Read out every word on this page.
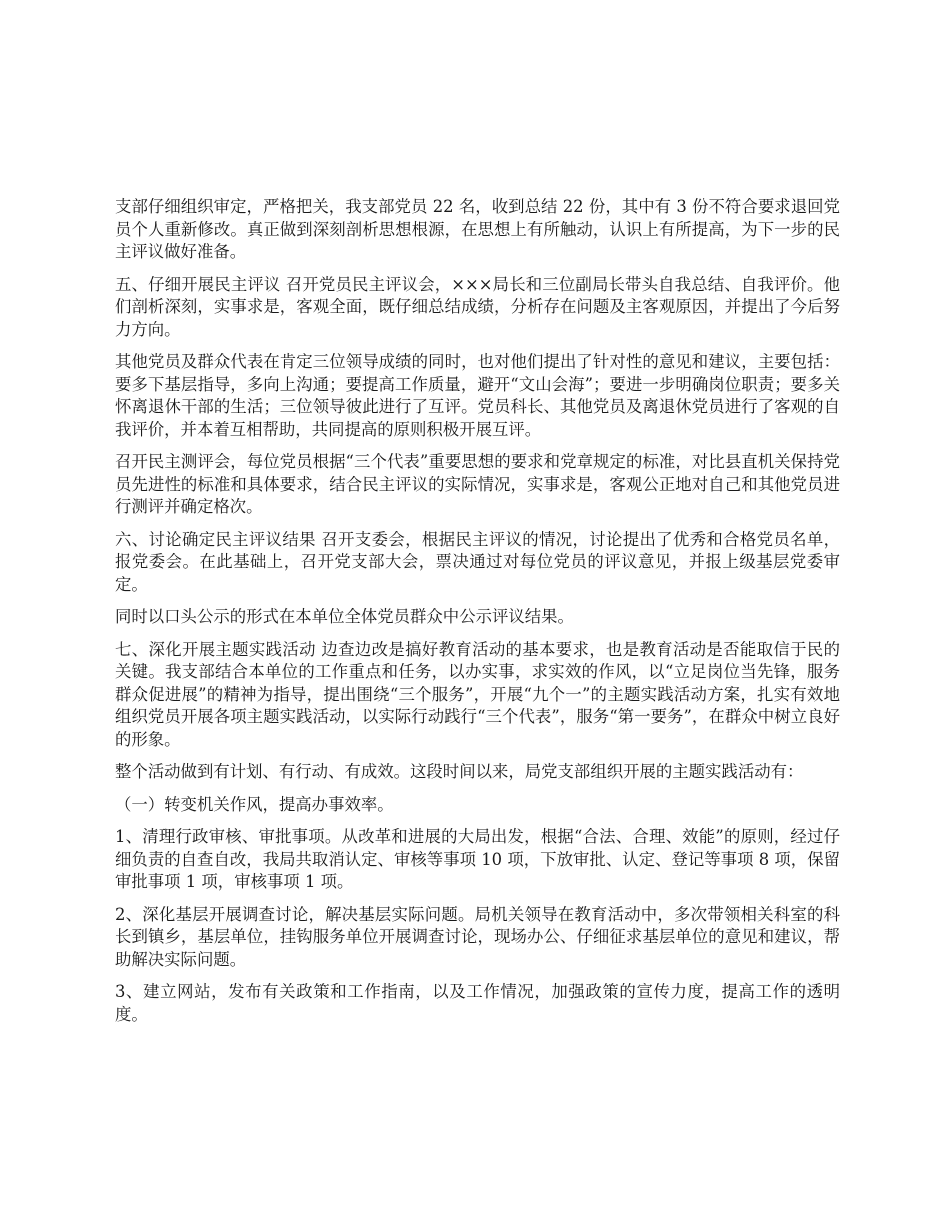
支部仔细组织审定，严格把关，我支部党员 22 名，收到总结 22 份，其中有 3 份不符合要求退回党员个人重新修改。真正做到深刻剖析思想根源，在思想上有所触动，认识上有所提高，为下一步的民主评议做好准备。

五、仔细开展民主评议 召开党员民主评议会，×××局长和三位副局长带头自我总结、自我评价。他们剖析深刻，实事求是，客观全面，既仔细总结成绩，分析存在问题及主客观原因，并提出了今后努力方向。

其他党员及群众代表在肯定三位领导成绩的同时，也对他们提出了针对性的意见和建议，主要包括：要多下基层指导，多向上沟通；要提高工作质量，避开“文山会海”；要进一步明确岗位职责；要多关怀离退休干部的生活；三位领导彼此进行了互评。党员科长、其他党员及离退休党员进行了客观的自我评价，并本着互相帮助，共同提高的原则积极开展互评。

召开民主测评会，每位党员根据“三个代表”重要思想的要求和党章规定的标准，对比县直机关保持党员先进性的标准和具体要求，结合民主评议的实际情况，实事求是，客观公正地对自己和其他党员进行测评并确定格次。

六、讨论确定民主评议结果 召开支委会，根据民主评议的情况，讨论提出了优秀和合格党员名单，报党委会。在此基础上，召开党支部大会，票决通过对每位党员的评议意见，并报上级基层党委审定。

同时以口头公示的形式在本单位全体党员群众中公示评议结果。

七、深化开展主题实践活动 边查边改是搞好教育活动的基本要求，也是教育活动是否能取信于民的关键。我支部结合本单位的工作重点和任务，以办实事，求实效的作风，以“立足岗位当先锋，服务群众促进展”的精神为指导，提出围绕“三个服务”，开展“九个一”的主题实践活动方案，扎实有效地组织党员开展各项主题实践活动，以实际行动践行“三个代表”，服务“第一要务”，在群众中树立良好的形象。

整个活动做到有计划、有行动、有成效。这段时间以来，局党支部组织开展的主题实践活动有：

（一）转变机关作风，提高办事效率。

1、清理行政审核、审批事项。从改革和进展的大局出发，根据“合法、合理、效能”的原则，经过仔细负责的自查自改，我局共取消认定、审核等事项 10 项，下放审批、认定、登记等事项 8 项，保留审批事项 1 项，审核事项 1 项。

2、深化基层开展调查讨论，解决基层实际问题。局机关领导在教育活动中，多次带领相关科室的科长到镇乡，基层单位，挂钩服务单位开展调查讨论，现场办公、仔细征求基层单位的意见和建议，帮助解决实际问题。

3、建立网站，发布有关政策和工作指南，以及工作情况，加强政策的宣传力度，提高工作的透明度。
